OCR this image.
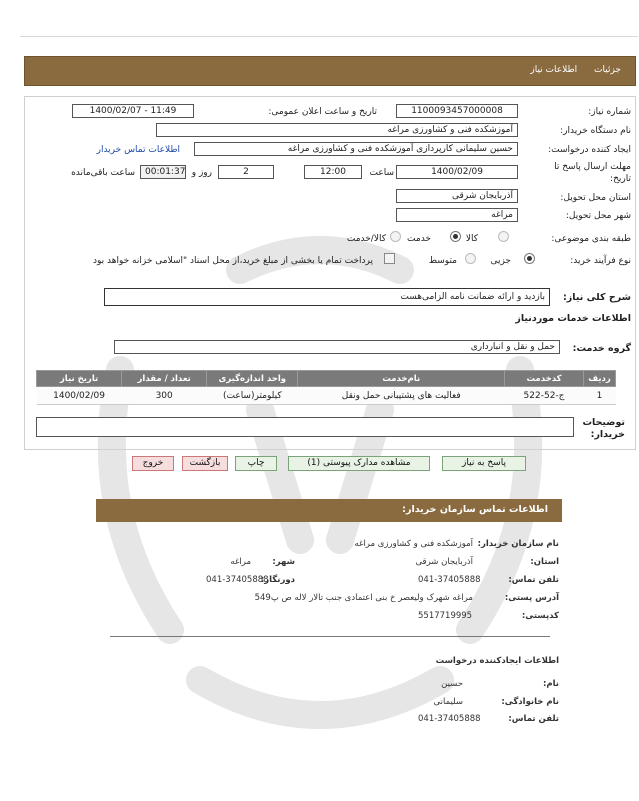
جزئیات اطلاعات نیاز
شماره نیاز:
1100093457000008
تاریخ و ساعت اعلان عمومی:
1400/02/07 - 11:49
نام دستگاه خریدار:
آموزشکده فنی و کشاورزی مراغه
ایجاد کننده درخواست:
حسین سلیمانی کارپردازی آموزشکده فنی و کشاورزی مراغه
اطلاعات تماس خریدار
مهلت ارسال پاسخ تا تاریخ:
1400/02/09
ساعت
12:00
2
روز و
00:01:37
ساعت باقی‌مانده
استان محل تحویل:
آذربایجان شرقی
شهر محل تحویل:
مراغه
طبقه بندی موضوعی:
کالا
خدمت
کالا/خدمت
نوع فرآیند خرید:
جزیی
متوسط
پرداخت تمام یا بخشی از مبلغ خرید،از محل اسناد "اسلامی خزانه خواهد بود
شرح کلی نیاز:
بازدید و ارائه ضمانت نامه الزامی‌هست
اطلاعات خدمات موردنیاز
گروه خدمت:
حمل و نقل و انبارداری
ردیف	کدخدمت	نام‌خدمت	واحد اندازه‌گیری	تعداد / مقدار	تاریخ نیاز
1	ج-52-522	فعالیت های پشتیبانی حمل ونقل	کیلومتر(ساعت)	300	1400/02/09
توضیحات خریدار:
پاسخ به نیاز
مشاهده مدارک پیوستی (1)
چاپ
بازگشت
خروج
اطلاعات تماس سازمان خریدار:
نام سازمان خریدار:
آموزشکده فنی و کشاورزی مراغه
استان:
آذربایجان شرقی
شهر:
مراغه
تلفن تماس:
041-37405888
دورنگار:
041-37405888
آدرس پستی:
مراغه شهرک ولیعصر خ بنی اعتمادی جنب تالار لاله ص پ549
کدپستی:
5517719995
اطلاعات ایجادکننده درخواست
نام:
حسین
نام خانوادگی:
سلیمانی
تلفن تماس:
041-37405888
